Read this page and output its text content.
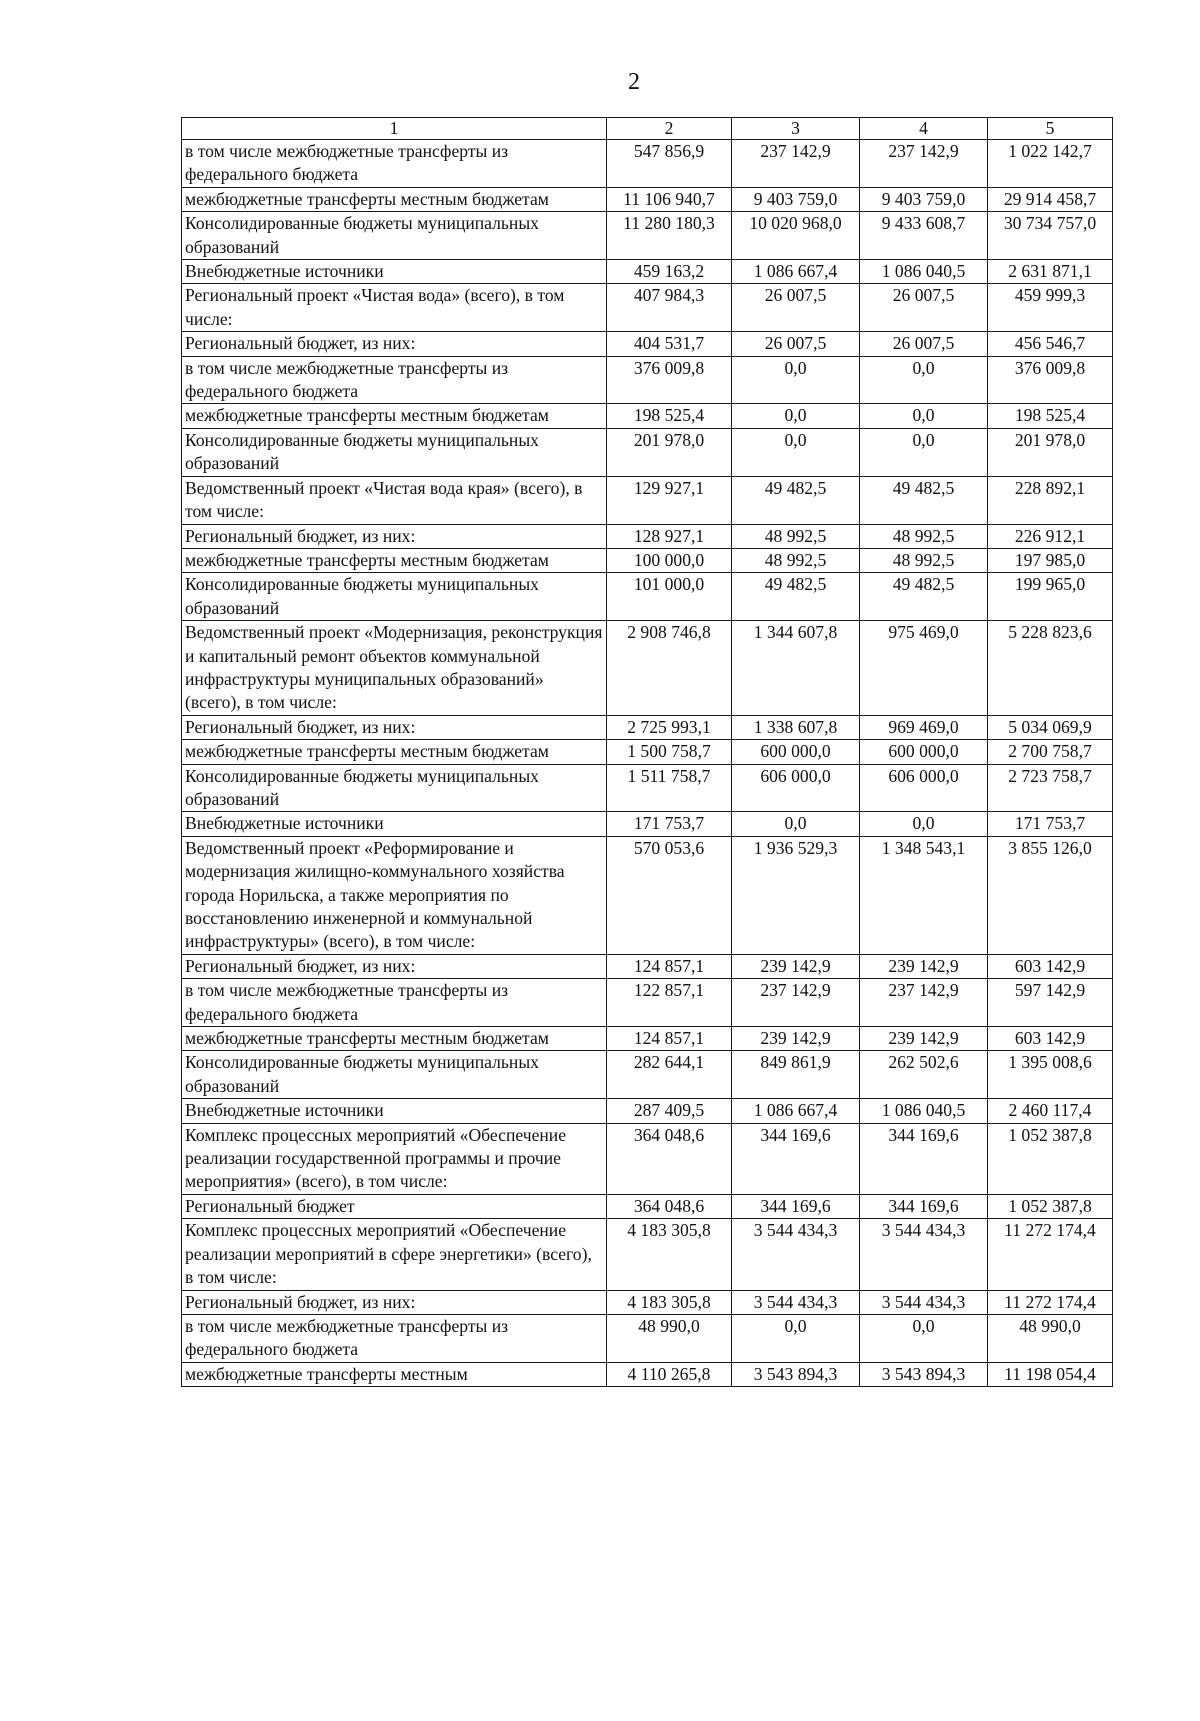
2
1	2	3	4	5
в том числе межбюджетные трансферты из федерального бюджета	547 856,9	237 142,9	237 142,9	1 022 142,7
межбюджетные трансферты местным бюджетам	11 106 940,7	9 403 759,0	9 403 759,0	29 914 458,7
Консолидированные бюджеты муниципальных образований	11 280 180,3	10 020 968,0	9 433 608,7	30 734 757,0
Внебюджетные источники	459 163,2	1 086 667,4	1 086 040,5	2 631 871,1
Региональный проект «Чистая вода» (всего), в том числе:	407 984,3	26 007,5	26 007,5	459 999,3
Региональный бюджет, из них:	404 531,7	26 007,5	26 007,5	456 546,7
в том числе межбюджетные трансферты из федерального бюджета	376 009,8	0,0	0,0	376 009,8
межбюджетные трансферты местным бюджетам	198 525,4	0,0	0,0	198 525,4
Консолидированные бюджеты муниципальных образований	201 978,0	0,0	0,0	201 978,0
Ведомственный проект «Чистая вода края» (всего), в том числе:	129 927,1	49 482,5	49 482,5	228 892,1
Региональный бюджет, из них:	128 927,1	48 992,5	48 992,5	226 912,1
межбюджетные трансферты местным бюджетам	100 000,0	48 992,5	48 992,5	197 985,0
Консолидированные бюджеты муниципальных образований	101 000,0	49 482,5	49 482,5	199 965,0
Ведомственный проект «Модернизация, реконструкция и капитальный ремонт объектов коммунальной инфраструктуры муниципальных образований» (всего), в том числе:	2 908 746,8	1 344 607,8	975 469,0	5 228 823,6
Региональный бюджет, из них:	2 725 993,1	1 338 607,8	969 469,0	5 034 069,9
межбюджетные трансферты местным бюджетам	1 500 758,7	600 000,0	600 000,0	2 700 758,7
Консолидированные бюджеты муниципальных образований	1 511 758,7	606 000,0	606 000,0	2 723 758,7
Внебюджетные источники	171 753,7	0,0	0,0	171 753,7
Ведомственный проект «Реформирование и модернизация жилищно-коммунального хозяйства города Норильска, а также мероприятия по восстановлению инженерной и коммунальной инфраструктуры» (всего), в том числе:	570 053,6	1 936 529,3	1 348 543,1	3 855 126,0
Региональный бюджет, из них:	124 857,1	239 142,9	239 142,9	603 142,9
в том числе межбюджетные трансферты из федерального бюджета	122 857,1	237 142,9	237 142,9	597 142,9
межбюджетные трансферты местным бюджетам	124 857,1	239 142,9	239 142,9	603 142,9
Консолидированные бюджеты муниципальных образований	282 644,1	849 861,9	262 502,6	1 395 008,6
Внебюджетные источники	287 409,5	1 086 667,4	1 086 040,5	2 460 117,4
Комплекс процессных мероприятий «Обеспечение реализации государственной программы и прочие мероприятия» (всего), в том числе:	364 048,6	344 169,6	344 169,6	1 052 387,8
Региональный бюджет	364 048,6	344 169,6	344 169,6	1 052 387,8
Комплекс процессных мероприятий «Обеспечение реализации мероприятий в сфере энергетики» (всего), в том числе:	4 183 305,8	3 544 434,3	3 544 434,3	11 272 174,4
Региональный бюджет, из них:	4 183 305,8	3 544 434,3	3 544 434,3	11 272 174,4
в том числе межбюджетные трансферты из федерального бюджета	48 990,0	0,0	0,0	48 990,0
межбюджетные трансферты местным	4 110 265,8	3 543 894,3	3 543 894,3	11 198 054,4
